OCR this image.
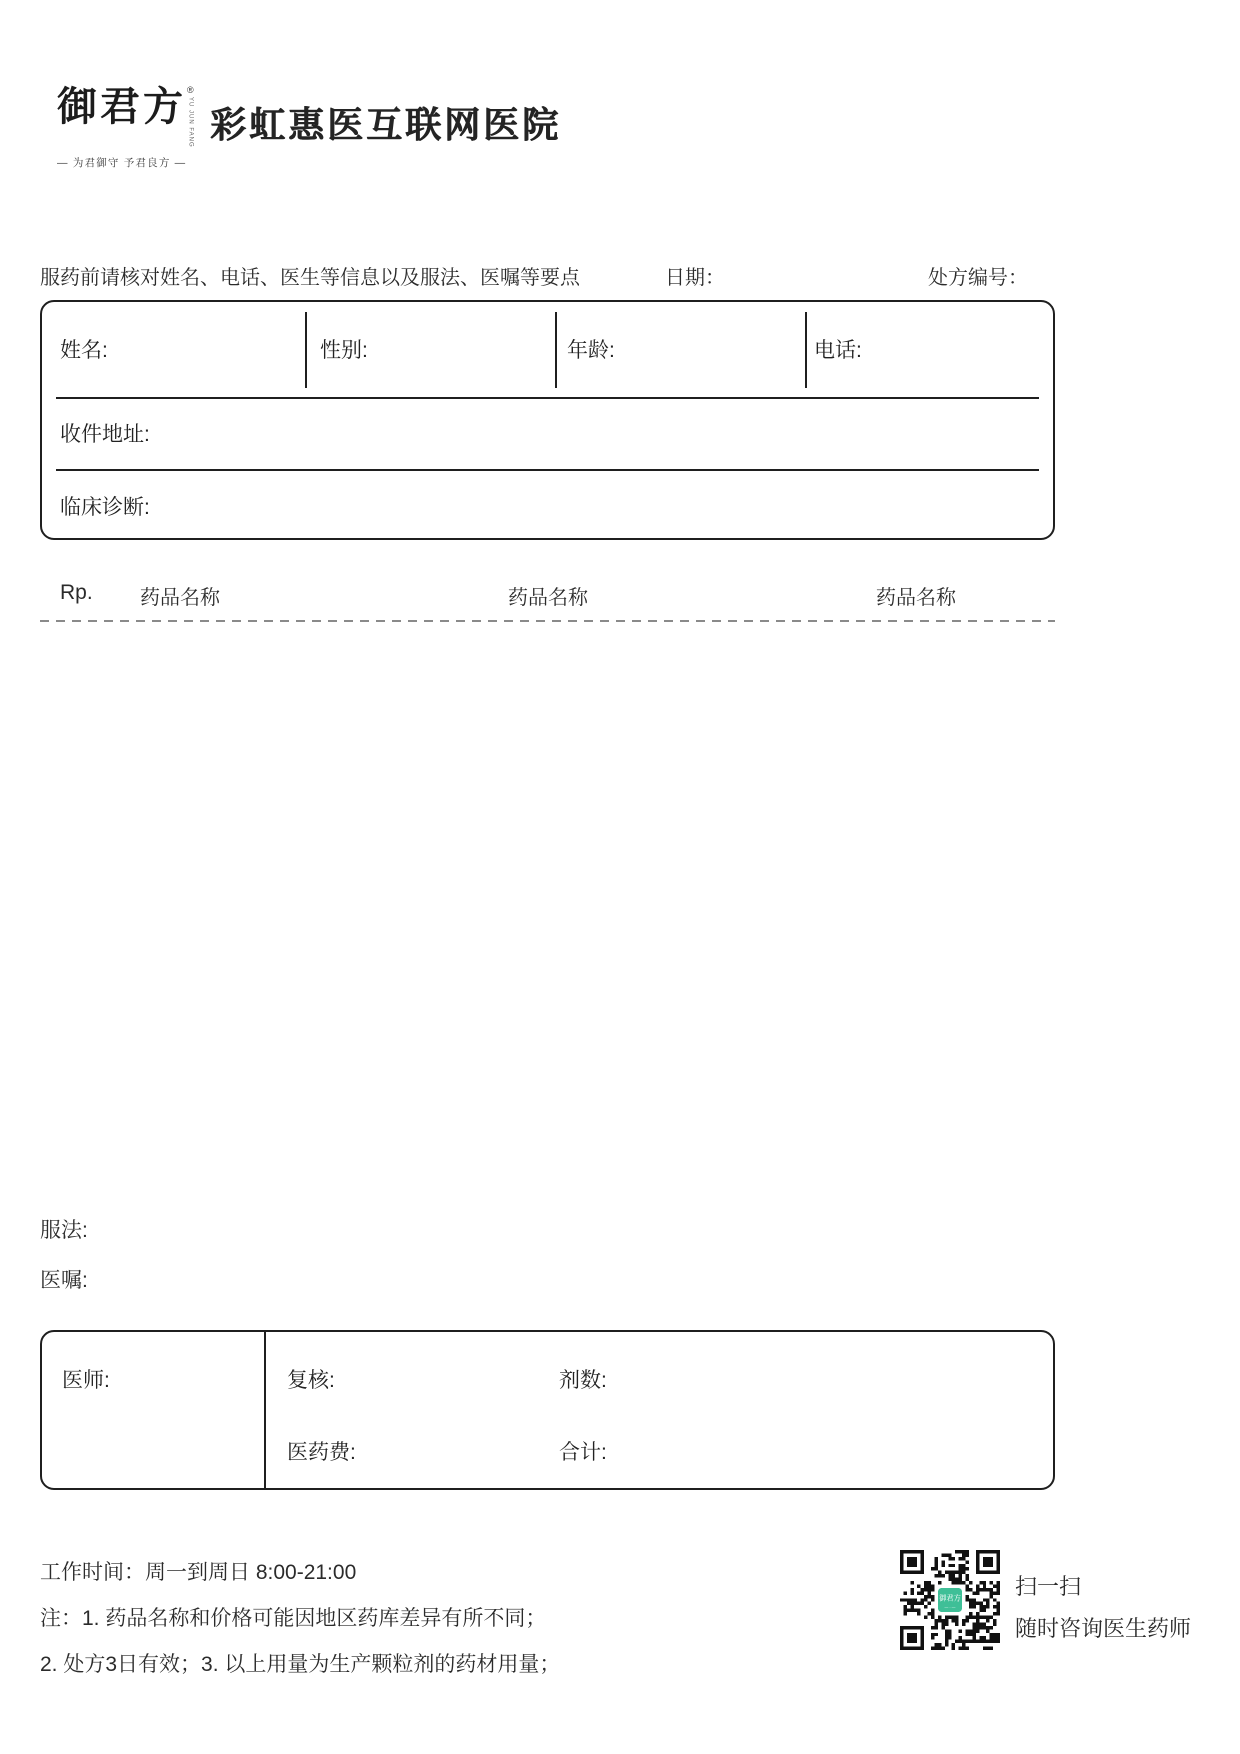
御君方 ®
YU JUN FANG
— 为君御守 予君良方 —
彩虹惠医互联网医院
服药前请核对姓名、电话、医生等信息以及服法、医嘱等要点	日期：	处方编号：
姓名:	性别:	年龄:	电话:
收件地址:
临床诊断:
Rp. 药品名称	药品名称	药品名称
服法:
医嘱:
医师:	复核:	剂数:
医药费:	合计:
工作时间：周一到周日 8:00-21:00
注：1. 药品名称和价格可能因地区药库差异有所不同；
2. 处方3日有效；3. 以上用量为生产颗粒剂的药材用量；
御君方
— · —
扫一扫
随时咨询医生药师
